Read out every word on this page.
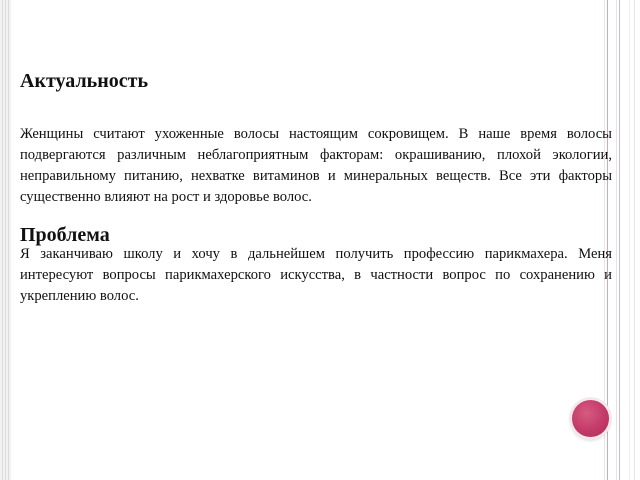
Актуальность

Женщины считают ухоженные волосы настоящим сокровищем. В наше время волосы подвергаются различным неблагоприятным факторам: окрашиванию, плохой экологии, неправильному питанию, нехватке витаминов и минеральных веществ. Все эти факторы существенно влияют на рост и здоровье волос.

Проблема

Я заканчиваю школу и хочу в дальнейшем получить профессию парикмахера. Меня интересуют вопросы парикмахерского искусства, в частности вопрос по сохранению и укреплению волос.
